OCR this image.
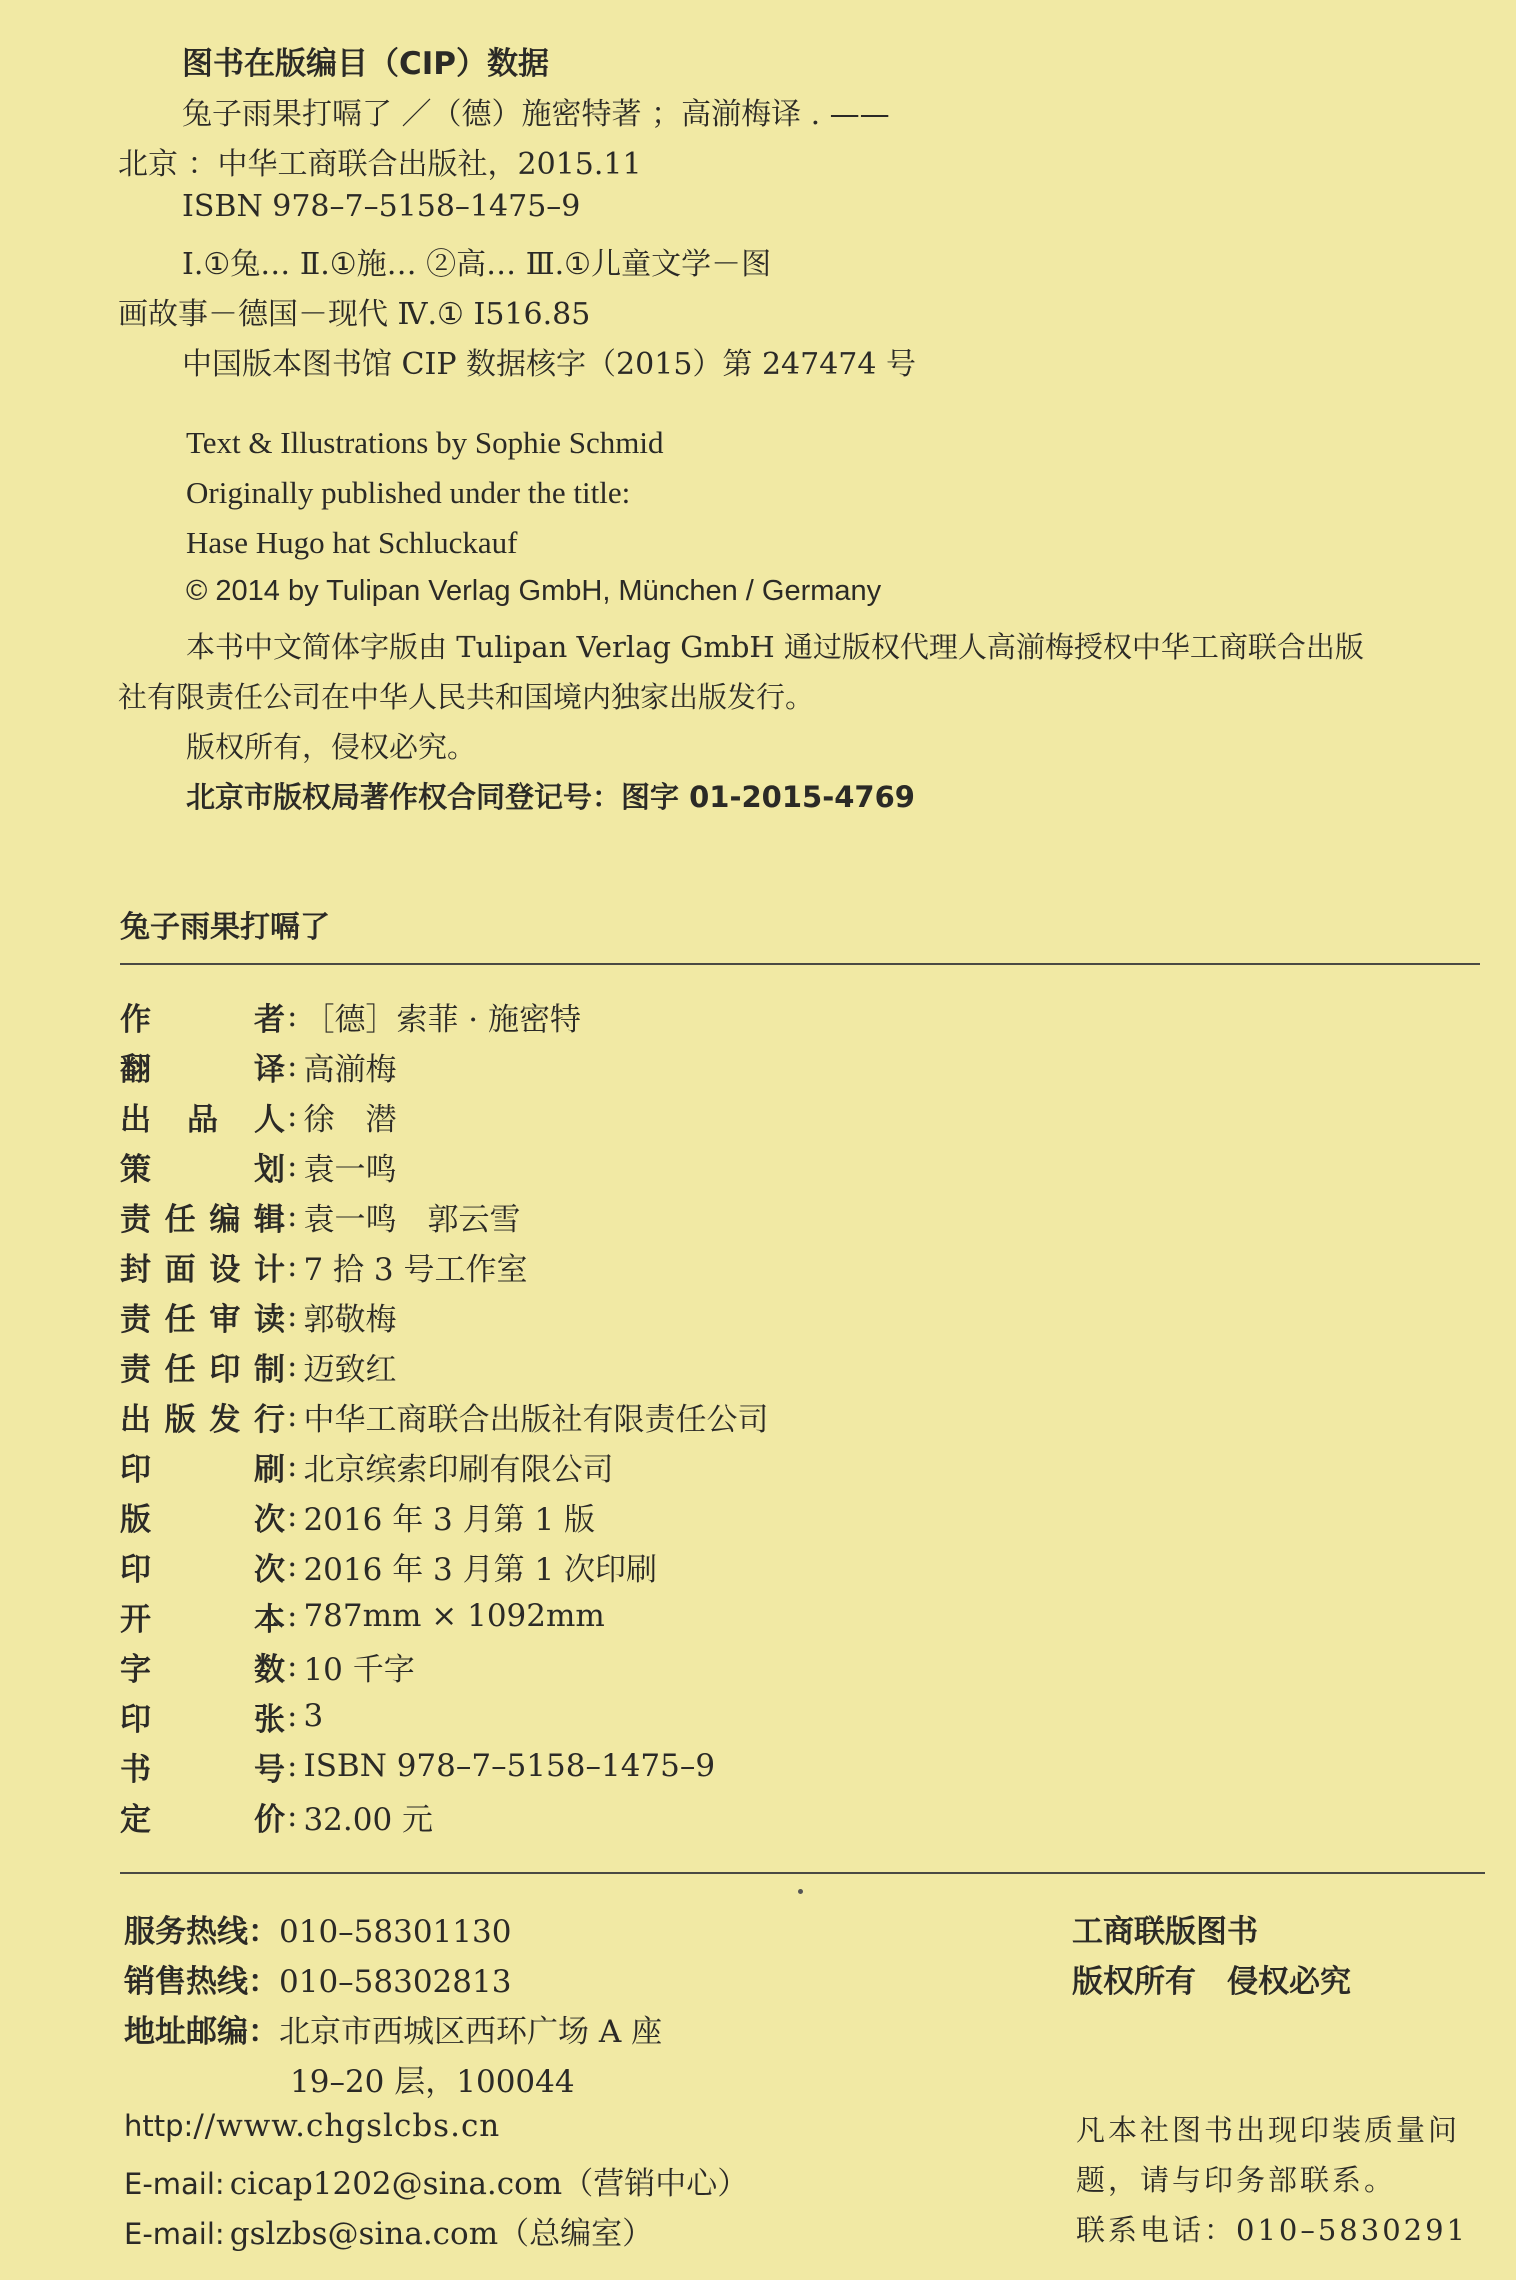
图书在版编目（CIP）数据
兔子雨果打嗝了 ／（德）施密特著 ；高湔梅译 . ——
北京 ：中华工商联合出版社，2015.11
ISBN 978–7–5158–1475–9
Ⅰ.①兔… Ⅱ.①施… ②高… Ⅲ.①儿童文学－图
画故事－德国－现代 Ⅳ.① I516.85
中国版本图书馆 CIP 数据核字（2015）第 247474 号
Text & Illustrations by Sophie Schmid
Originally published under the title:
Hase Hugo hat Schluckauf
© 2014 by Tulipan Verlag GmbH, München / Germany
本书中文简体字版由 Tulipan Verlag GmbH 通过版权代理人高湔梅授权中华工商联合出版
社有限责任公司在中华人民共和国境内独家出版发行。
版权所有，侵权必究。
北京市版权局著作权合同登记号：图字 01-2015-4769
兔子雨果打嗝了
作	者 : ［德］索菲 · 施密特
翻	译 : 高湔梅
出 品 人 : 徐　潜
策	划 : 袁一鸣
责 任 编 辑 : 袁一鸣　郭云雪
封 面 设 计 : 7 拾 3 号工作室
责 任 审 读 : 郭敬梅
责 任 印 制 : 迈致红
出 版 发 行 : 中华工商联合出版社有限责任公司
印	刷 : 北京缤索印刷有限公司
版	次 : 2016 年 3 月第 1 版
印	次 : 2016 年 3 月第 1 次印刷
开	本 : 787mm × 1092mm
字	数 : 10 千字
印	张 : 3
书	号 : ISBN 978–7–5158–1475–9
定	价 : 32.00 元
服务热线：010–58301130
销售热线：010–58302813
地址邮编：北京市西城区西环广场 A 座
19–20 层，100044
http://www.chgslcbs.cn
E-mail: cicap1202@sina.com（营销中心）
E-mail: gslzbs@sina.com（总编室）
工商联版图书
版权所有　侵权必究
凡本社图书出现印装质量问
题，请与印务部联系。
联系电话：010–5830291
